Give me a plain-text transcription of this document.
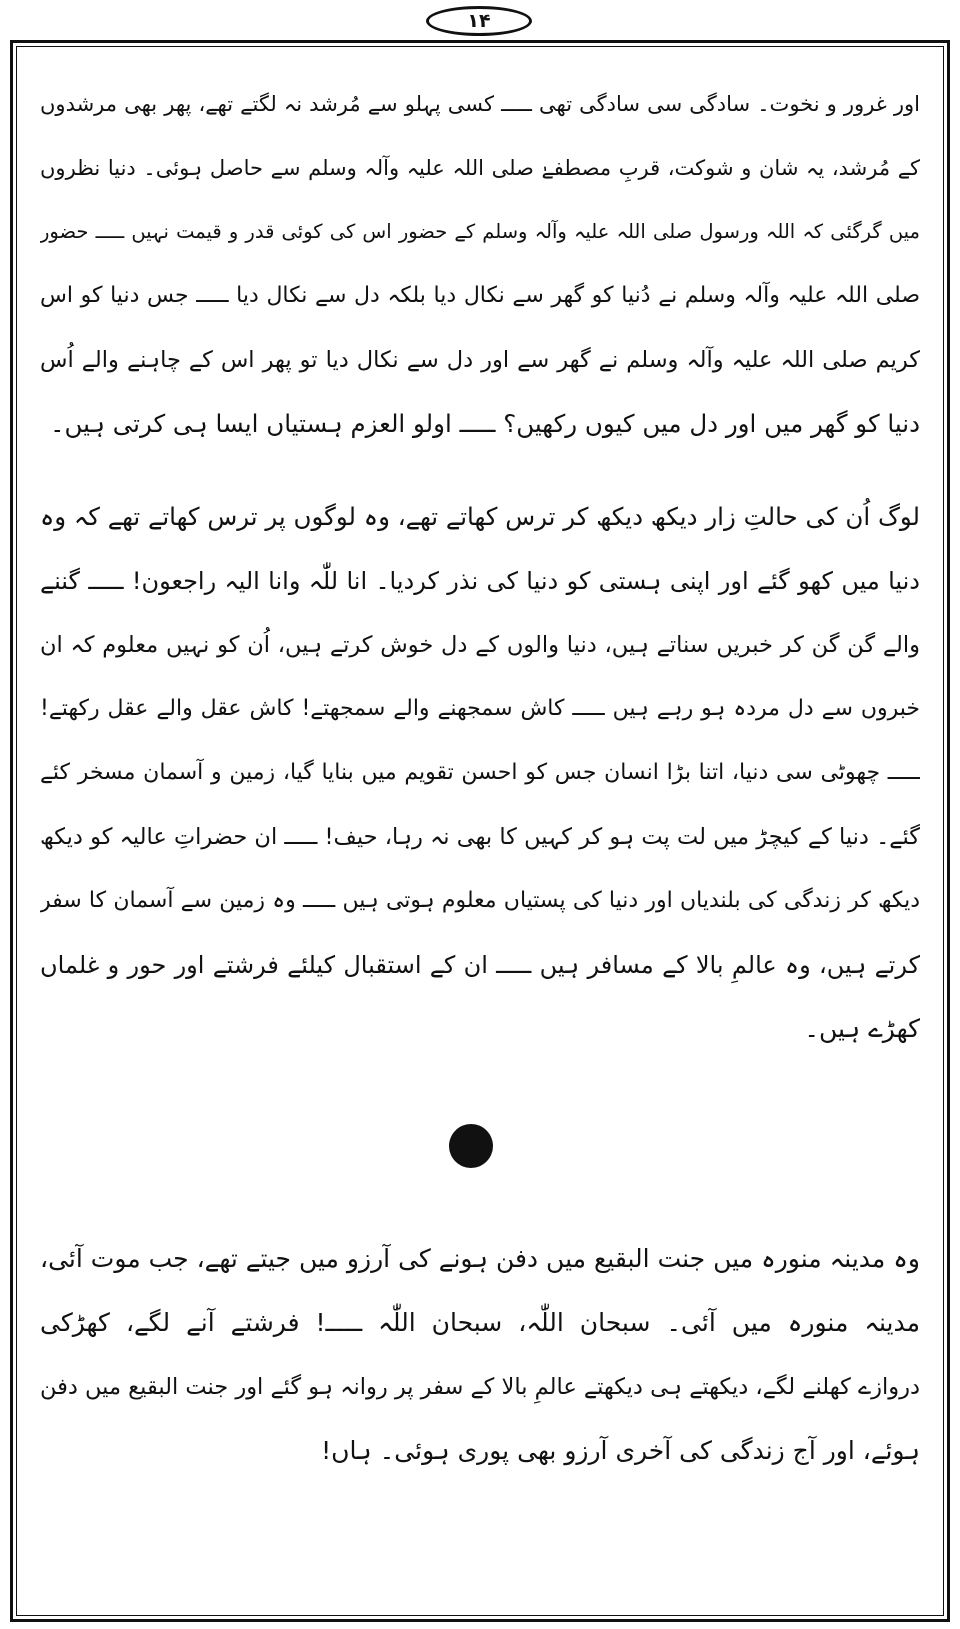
۱۴
اور غرور و نخوت۔ سادگی سی سادگی تھی ـــــ کسی پہلو سے مُرشد نہ لگتے تھے، پھر بھی مرشدوں
کے مُرشد، یہ شان و شوکت، قربِ مصطفےٰ صلی اللہ علیہ وآلہ وسلم سے حاصل ہوئی۔ دنیا نظروں
میں گرگئی کہ اللہ ورسول صلی اللہ علیہ وآلہ وسلم کے حضور اس کی کوئی قدر و قیمت نہیں ـــــ حضور
صلی اللہ علیہ وآلہ وسلم نے دُنیا کو گھر سے نکال دیا بلکہ دل سے نکال دیا ـــــ جس دنیا کو اس
کریم صلی اللہ علیہ وآلہ وسلم نے گھر سے اور دل سے نکال دیا تو پھر اس کے چاہنے والے اُس
دنیا کو گھر میں اور دل میں کیوں رکھیں؟ ـــــ اولو العزم ہستیاں ایسا ہی کرتی ہیں۔
لوگ اُن کی حالتِ زار دیکھ دیکھ کر ترس کھاتے تھے، وہ لوگوں پر ترس کھاتے تھے کہ وہ
دنیا میں کھو گئے اور اپنی ہستی کو دنیا کی نذر کردیا۔ انا للّٰہ وانا الیہ راجعون! ـــــ گننے
والے گن گن کر خبریں سناتے ہیں، دنیا والوں کے دل خوش کرتے ہیں، اُن کو نہیں معلوم کہ ان
خبروں سے دل مردہ ہو رہے ہیں ـــــ کاش سمجھنے والے سمجھتے! کاش عقل والے عقل رکھتے!
ـــــ چھوٹی سی دنیا، اتنا بڑا انسان جس کو احسن تقویم میں بنایا گیا، زمین و آسمان مسخر کئے
گئے۔ دنیا کے کیچڑ میں لت پت ہو کر کہیں کا بھی نہ رہا، حیف! ـــــ ان حضراتِ عالیہ کو دیکھ
دیکھ کر زندگی کی بلندیاں اور دنیا کی پستیاں معلوم ہوتی ہیں ـــــ وہ زمین سے آسمان کا سفر
کرتے ہیں، وہ عالمِ بالا کے مسافر ہیں ـــــ ان کے استقبال کیلئے فرشتے اور حور و غلماں
کھڑے ہیں۔
وہ مدینہ منورہ میں جنت البقیع میں دفن ہونے کی آرزو میں جیتے تھے، جب موت آئی،
مدینہ منورہ میں آئی۔ سبحان اللّٰہ، سبحان اللّٰہ ـــــ! فرشتے آنے لگے، کھڑکی
دروازے کھلنے لگے، دیکھتے ہی دیکھتے عالمِ بالا کے سفر پر روانہ ہو گئے اور جنت البقیع میں دفن
ہوئے، اور آج زندگی کی آخری آرزو بھی پوری ہوئی۔ ہاں!
